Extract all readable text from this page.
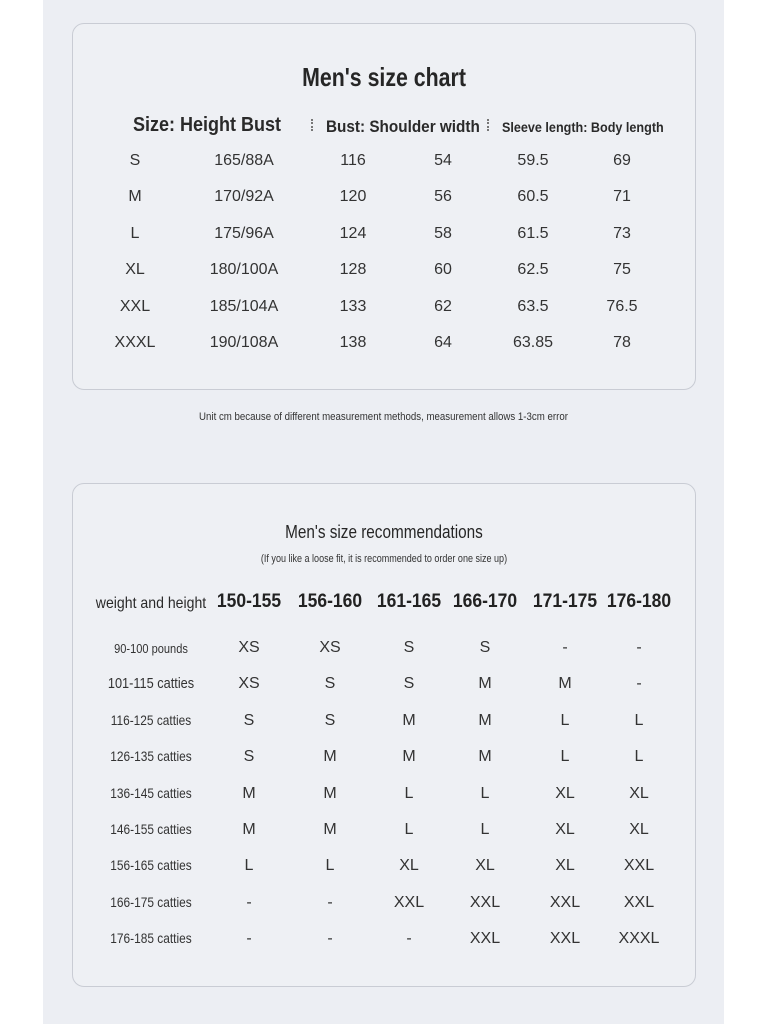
Men's size chart
Size: Height Bust	Bust: Shoulder width Sleeve length: Body length
S	165/88A	116	54	59.5	69
M	170/92A	120	56	60.5	71
L	175/96A	124	58	61.5	73
XL	180/100A	128	60	62.5	75
XXL	185/104A	133	62	63.5	76.5
XXXL	190/108A	138	64	63.85	78
Unit cm because of different measurement methods, measurement allows 1-3cm error
Men's size recommendations
(If you like a loose fit, it is recommended to order one size up)
weight and height 150-155 156-160 161-165 166-170 171-175 176-180
90-100 pounds	XS	XS	S	S	-	-
101-115 catties	XS	S	S	M	M	-
116-125 catties	S	S	M	M	L	L
126-135 catties	S	M	M	M	L	L
136-145 catties	M	M	L	L	XL	XL
146-155 catties	M	M	L	L	XL	XL
156-165 catties	L	L	XL	XL	XL	XXL
166-175 catties	-	-	XXL	XXL	XXL	XXL
176-185 catties	-	-	-	XXL	XXL	XXXL
